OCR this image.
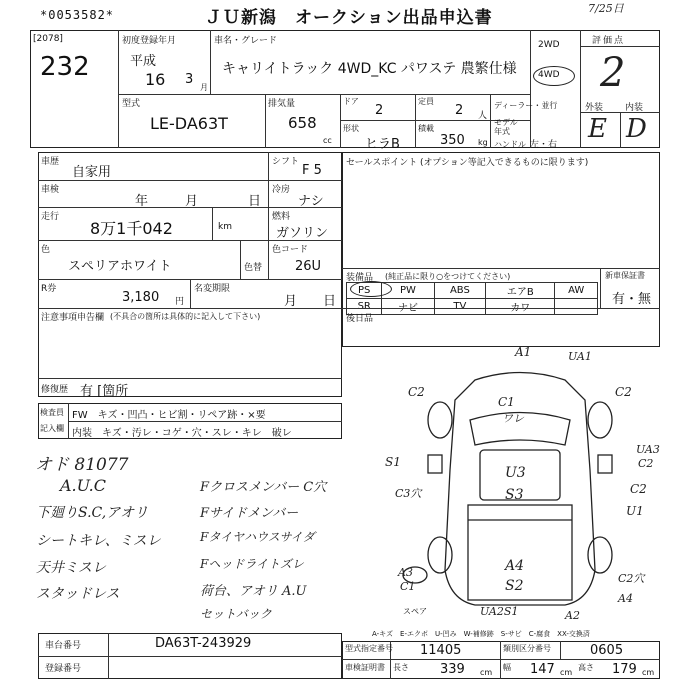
*0053582*	ＪＵ新潟　オークション出品申込書	7/25日
[2078]
232
初度登録年月
平成
16 3
月
車名・グレード
キャリイトラック 4WD_KC パワステ 農繁仕様
2WD
4WD
評価点
2
外装 内装
E D
型式
LE-DA63T
排気量
658
cc
ドア
2
定員
2 人
ディーラー・並行
形状
ヒラB
積載
350 kg
モデル年式
ハンドル 左・右
車歴
自家用
シフト
F 5
車検
年	月	日
冷房
ナシ
走行
8万1千042	km
燃料
ガソリン
色
スペリアホワイト	色替
色コード
26U
R券
3,180 円
名変期限
月 日
注意事項申告欄 (不具合の箇所は具体的に記入して下さい)
修復歴 有 [箇所
セールスポイント (オプション等記入できるものに限ります)
装備品 (純正品に限り○をつけてください)	新車保証書
有・無
PS	PW	ABS	エアB	AW
SR	ナビ	TV	カワ	
後日品
検査員
記入欄
FW　キズ・凹凸・ヒビ割・リペア跡・×要
内装　キズ・汚レ・コゲ・穴・スレ・キレ　破レ
オド 81077
A.U.C
下廻りS.C,アオリ
シートキレ、ミスレ
天井ミスレ
スタッドレス
Fクロスメンバー C穴
Fサイドメンバー
Fタイヤハウスサイダ
Fヘッドライトズレ
荷台、アオリ A.U
セットバック
A1	UA1
C2	C2
C1
ワレ
UA3
C2
S1
U3
S3
C3穴	C2
U1
A4
S2
A3
C1
C2穴
A4
UA2S1	A2
スペア
A-キズ　E-エクボ　U-凹み　W-補修跡　S-サビ　C-腐食　XX-交換済
車台番号	DA63T-243929
登録番号
型式指定番号 11405	類別区分番号	0605
車検証明書 長さ 339 cm
幅 147 cm
高さ 179 cm
